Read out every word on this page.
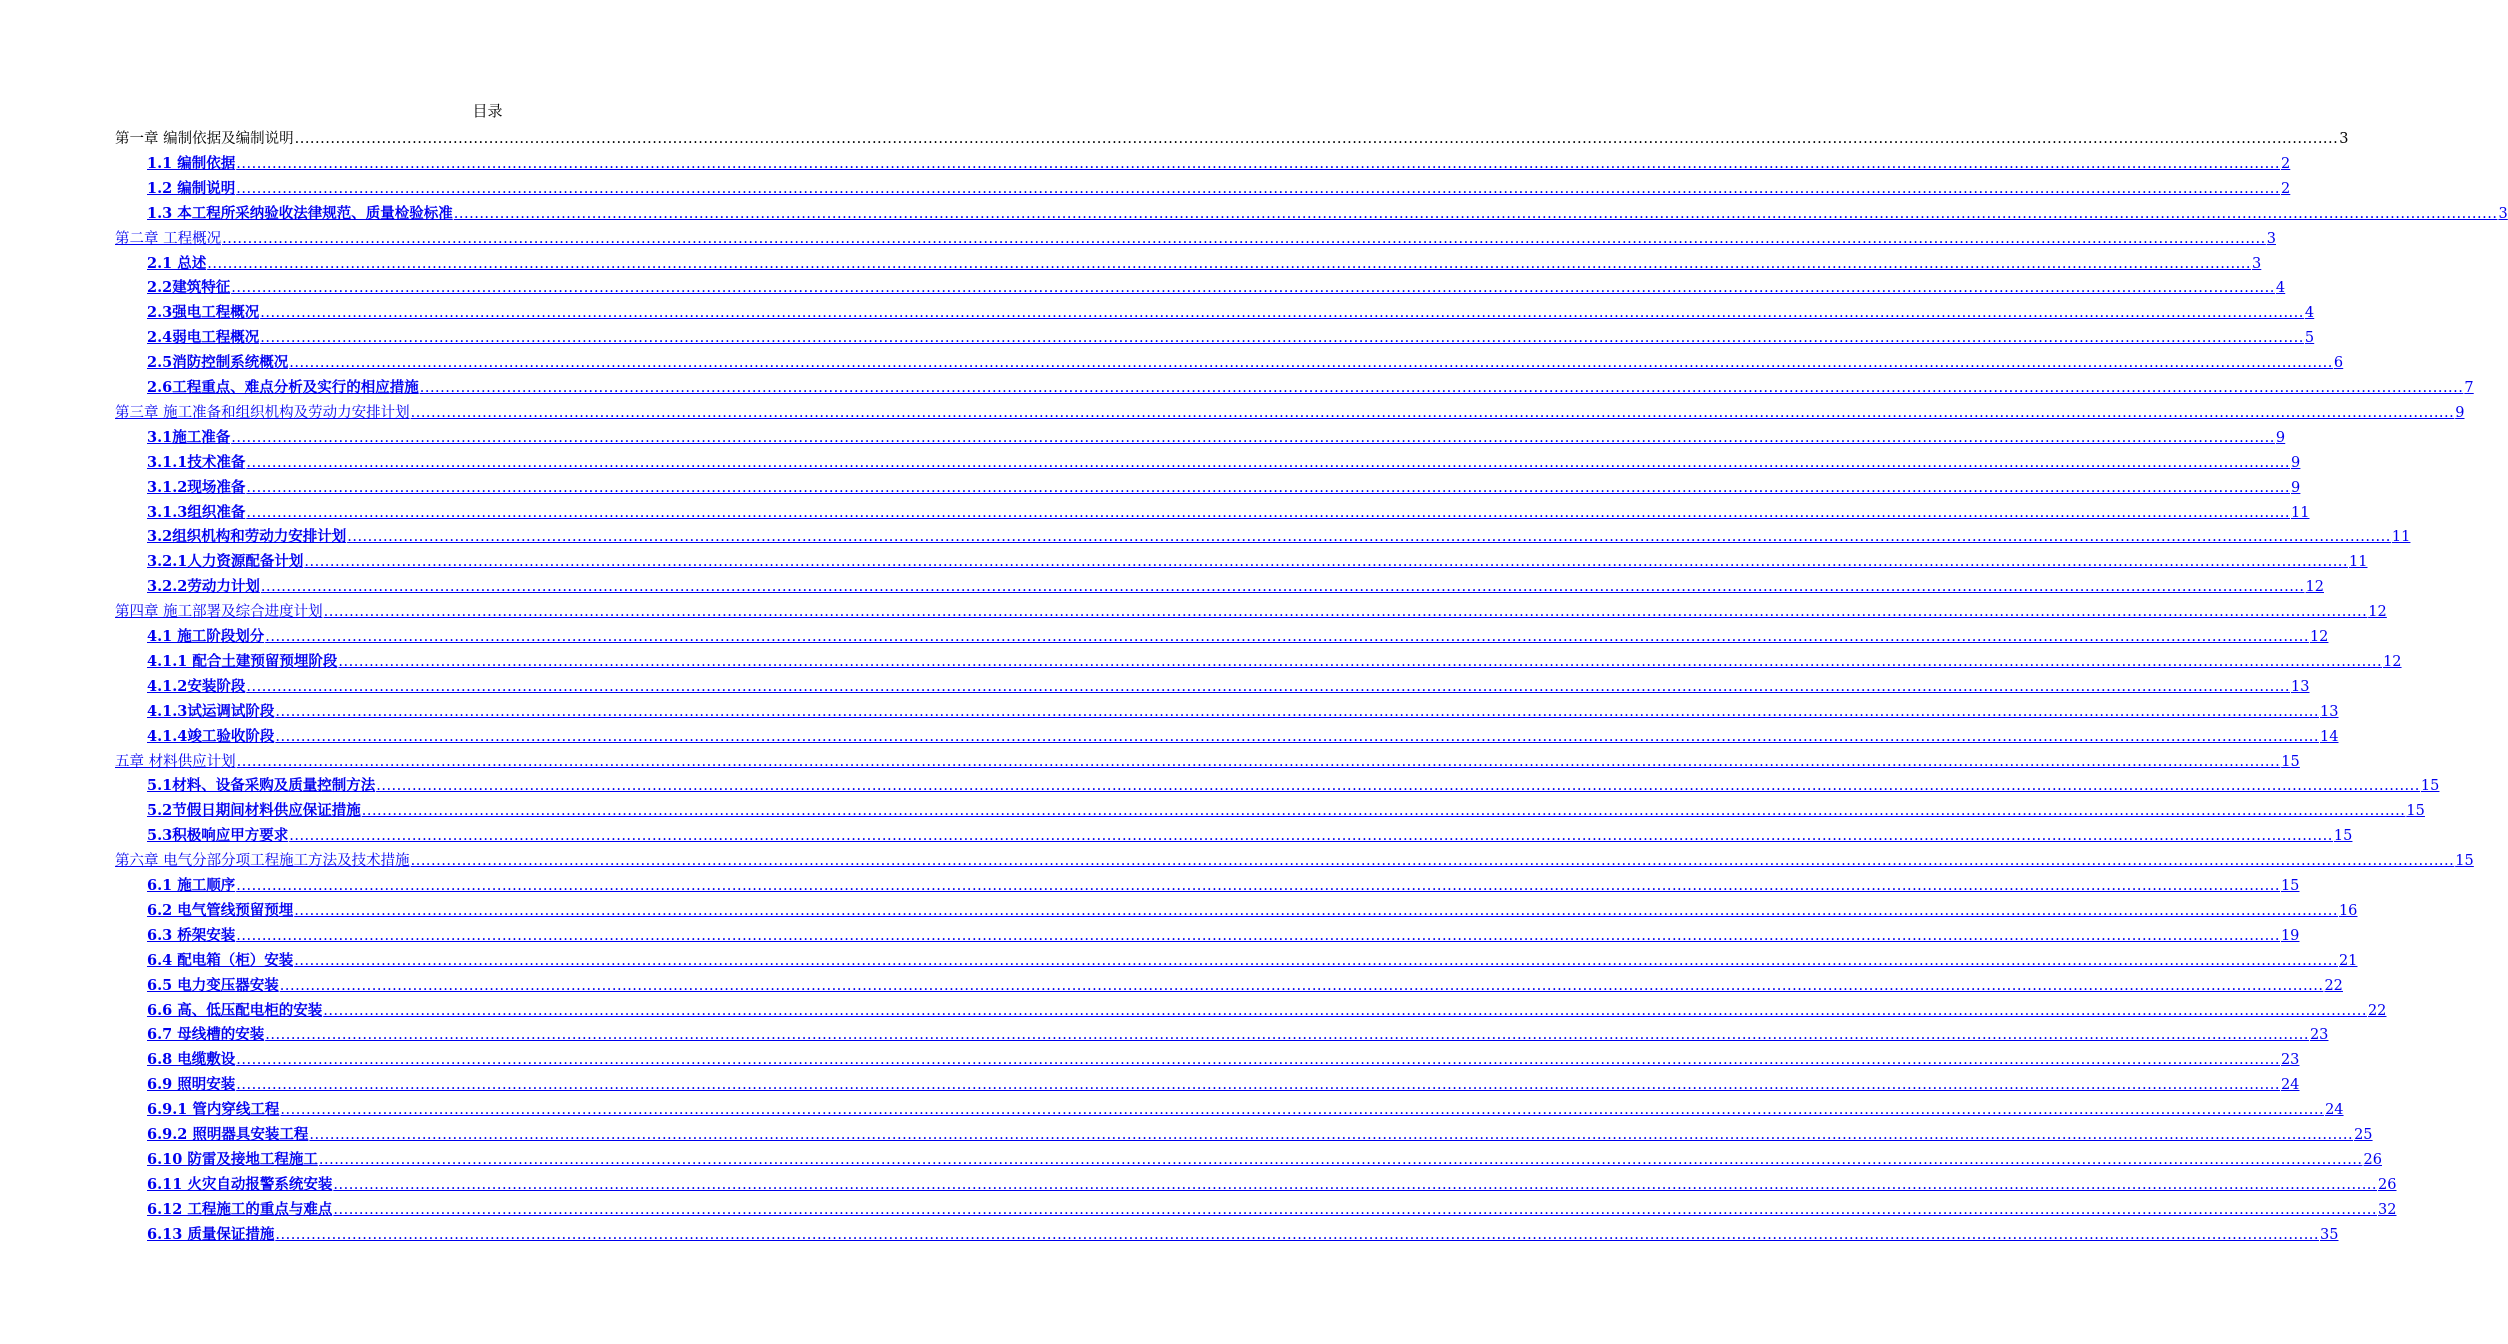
目录
第一章 编制依据及编制说明 ................................................................................................................................................................................................................................................................................................................................................................................................................ 3
1.1 编制依据 ................................................................................................................................................................................................................................................................................................................................................................................................................ 2
1.2 编制说明 ................................................................................................................................................................................................................................................................................................................................................................................................................ 2
1.3 本工程所采纳验收法律规范、质量检验标准 ................................................................................................................................................................................................................................................................................................................................................................................................................ 3
第二章 工程概况 ................................................................................................................................................................................................................................................................................................................................................................................................................ 3
2.1 总述 ................................................................................................................................................................................................................................................................................................................................................................................................................ 3
2.2建筑特征 ................................................................................................................................................................................................................................................................................................................................................................................................................ 4
2.3强电工程概况 ................................................................................................................................................................................................................................................................................................................................................................................................................ 4
2.4弱电工程概况 ................................................................................................................................................................................................................................................................................................................................................................................................................ 5
2.5消防控制系统概况 ................................................................................................................................................................................................................................................................................................................................................................................................................ 6
2.6工程重点、难点分析及实行的相应措施 ................................................................................................................................................................................................................................................................................................................................................................................................................ 7
第三章 施工准备和组织机构及劳动力安排计划 ................................................................................................................................................................................................................................................................................................................................................................................................................ 9
3.1施工准备 ................................................................................................................................................................................................................................................................................................................................................................................................................ 9
3.1.1技术准备 ................................................................................................................................................................................................................................................................................................................................................................................................................ 9
3.1.2现场准备 ................................................................................................................................................................................................................................................................................................................................................................................................................ 9
3.1.3组织准备 ................................................................................................................................................................................................................................................................................................................................................................................................................ 11
3.2组织机构和劳动力安排计划 ................................................................................................................................................................................................................................................................................................................................................................................................................ 11
3.2.1人力资源配备计划 ................................................................................................................................................................................................................................................................................................................................................................................................................ 11
3.2.2劳动力计划 ................................................................................................................................................................................................................................................................................................................................................................................................................ 12
第四章 施工部署及综合进度计划 ................................................................................................................................................................................................................................................................................................................................................................................................................ 12
4.1 施工阶段划分 ................................................................................................................................................................................................................................................................................................................................................................................................................ 12
4.1.1 配合土建预留预埋阶段 ................................................................................................................................................................................................................................................................................................................................................................................................................ 12
4.1.2安装阶段 ................................................................................................................................................................................................................................................................................................................................................................................................................ 13
4.1.3试运调试阶段 ................................................................................................................................................................................................................................................................................................................................................................................................................ 13
4.1.4竣工验收阶段 ................................................................................................................................................................................................................................................................................................................................................................................................................ 14
五章 材料供应计划 ................................................................................................................................................................................................................................................................................................................................................................................................................ 15
5.1材料、设备采购及质量控制方法 ................................................................................................................................................................................................................................................................................................................................................................................................................ 15
5.2节假日期间材料供应保证措施 ................................................................................................................................................................................................................................................................................................................................................................................................................ 15
5.3积极响应甲方要求 ................................................................................................................................................................................................................................................................................................................................................................................................................ 15
第六章 电气分部分项工程施工方法及技术措施 ................................................................................................................................................................................................................................................................................................................................................................................................................ 15
6.1 施工顺序 ................................................................................................................................................................................................................................................................................................................................................................................................................ 15
6.2 电气管线预留预埋 ................................................................................................................................................................................................................................................................................................................................................................................................................ 16
6.3 桥架安装 ................................................................................................................................................................................................................................................................................................................................................................................................................ 19
6.4 配电箱（柜）安装 ................................................................................................................................................................................................................................................................................................................................................................................................................ 21
6.5 电力变压器安装 ................................................................................................................................................................................................................................................................................................................................................................................................................ 22
6.6 高、低压配电柜的安装 ................................................................................................................................................................................................................................................................................................................................................................................................................ 22
6.7 母线槽的安装 ................................................................................................................................................................................................................................................................................................................................................................................................................ 23
6.8 电缆敷设 ................................................................................................................................................................................................................................................................................................................................................................................................................ 23
6.9 照明安装 ................................................................................................................................................................................................................................................................................................................................................................................................................ 24
6.9.1 管内穿线工程 ................................................................................................................................................................................................................................................................................................................................................................................................................ 24
6.9.2 照明器具安装工程 ................................................................................................................................................................................................................................................................................................................................................................................................................ 25
6.10 防雷及接地工程施工 ................................................................................................................................................................................................................................................................................................................................................................................................................ 26
6.11 火灾自动报警系统安装 ................................................................................................................................................................................................................................................................................................................................................................................................................ 26
6.12 工程施工的重点与难点 ................................................................................................................................................................................................................................................................................................................................................................................................................ 32
6.13 质量保证措施 ................................................................................................................................................................................................................................................................................................................................................................................................................ 35
